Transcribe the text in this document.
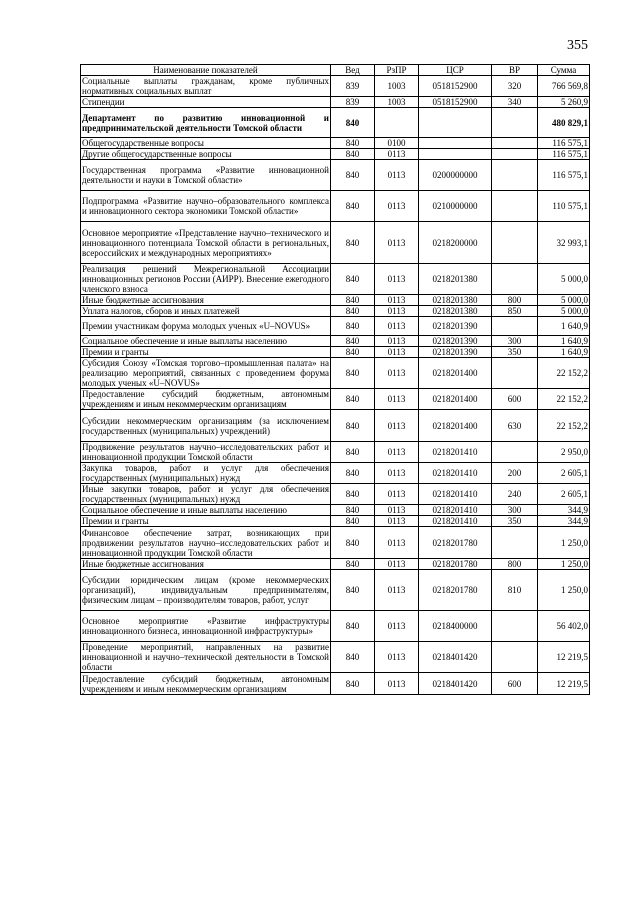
355
Наименование показателей	Вед	РзПР	ЦСР	ВР	Сумма
Социальные выплаты гражданам, кроме публичных нормативных социальных выплат	839	1003	0518152900	320	766 569,8
Стипендии	839	1003	0518152900	340	5 260,9
Департамент по развитию инновационной и предпринимательской деятельности Томской области	840				480 829,1
Общегосударственные вопросы	840	0100			116 575,1
Другие общегосударственные вопросы	840	0113			116 575,1
Государственная программа «Развитие инновационной деятельности и науки в Томской области»	840	0113	0200000000		116 575,1
Подпрограмма «Развитие научно–образовательного комплекса и инновационного сектора экономики Томской области»	840	0113	0210000000		110 575,1
Основное мероприятие «Представление научно–технического и инновационного потенциала Томской области в региональных, всероссийских и международных мероприятиях»	840	0113	0218200000		32 993,1
Реализация решений Межрегиональной Ассоциации инновационных регионов России (АИРР). Внесение ежегодного членского взноса	840	0113	0218201380		5 000,0
Иные бюджетные ассигнования	840	0113	0218201380	800	5 000,0
Уплата налогов, сборов и иных платежей	840	0113	0218201380	850	5 000,0
Премии участникам форума молодых ученых «U–NOVUS»	840	0113	0218201390		1 640,9
Социальное обеспечение и иные выплаты населению	840	0113	0218201390	300	1 640,9
Премии и гранты	840	0113	0218201390	350	1 640,9
Субсидия Союзу «Томская торгово–промышленная палата» на реализацию мероприятий, связанных с проведением форума молодых ученых «U–NOVUS»	840	0113	0218201400		22 152,2
Предоставление субсидий бюджетным, автономным учреждениям и иным некоммерческим организациям	840	0113	0218201400	600	22 152,2
Субсидии некоммерческим организациям (за исключением государственных (муниципальных) учреждений)	840	0113	0218201400	630	22 152,2
Продвижение результатов научно–исследовательских работ и инновационной продукции Томской области	840	0113	0218201410		2 950,0
Закупка товаров, работ и услуг для обеспечения государственных (муниципальных) нужд	840	0113	0218201410	200	2 605,1
Иные закупки товаров, работ и услуг для обеспечения государственных (муниципальных) нужд	840	0113	0218201410	240	2 605,1
Социальное обеспечение и иные выплаты населению	840	0113	0218201410	300	344,9
Премии и гранты	840	0113	0218201410	350	344,9
Финансовое обеспечение затрат, возникающих при продвижении результатов научно–исследовательских работ и инновационной продукции Томской области	840	0113	0218201780		1 250,0
Иные бюджетные ассигнования	840	0113	0218201780	800	1 250,0
Субсидии юридическим лицам (кроме некоммерческих организаций), индивидуальным предпринимателям, физическим лицам – производителям товаров, работ, услуг	840	0113	0218201780	810	1 250,0
Основное мероприятие «Развитие инфраструктуры инновационного бизнеса, инновационной инфраструктуры»	840	0113	0218400000		56 402,0
Проведение мероприятий, направленных на развитие инновационной и научно–технической деятельности в Томской области	840	0113	0218401420		12 219,5
Предоставление субсидий бюджетным, автономным учреждениям и иным некоммерческим организациям	840	0113	0218401420	600	12 219,5
